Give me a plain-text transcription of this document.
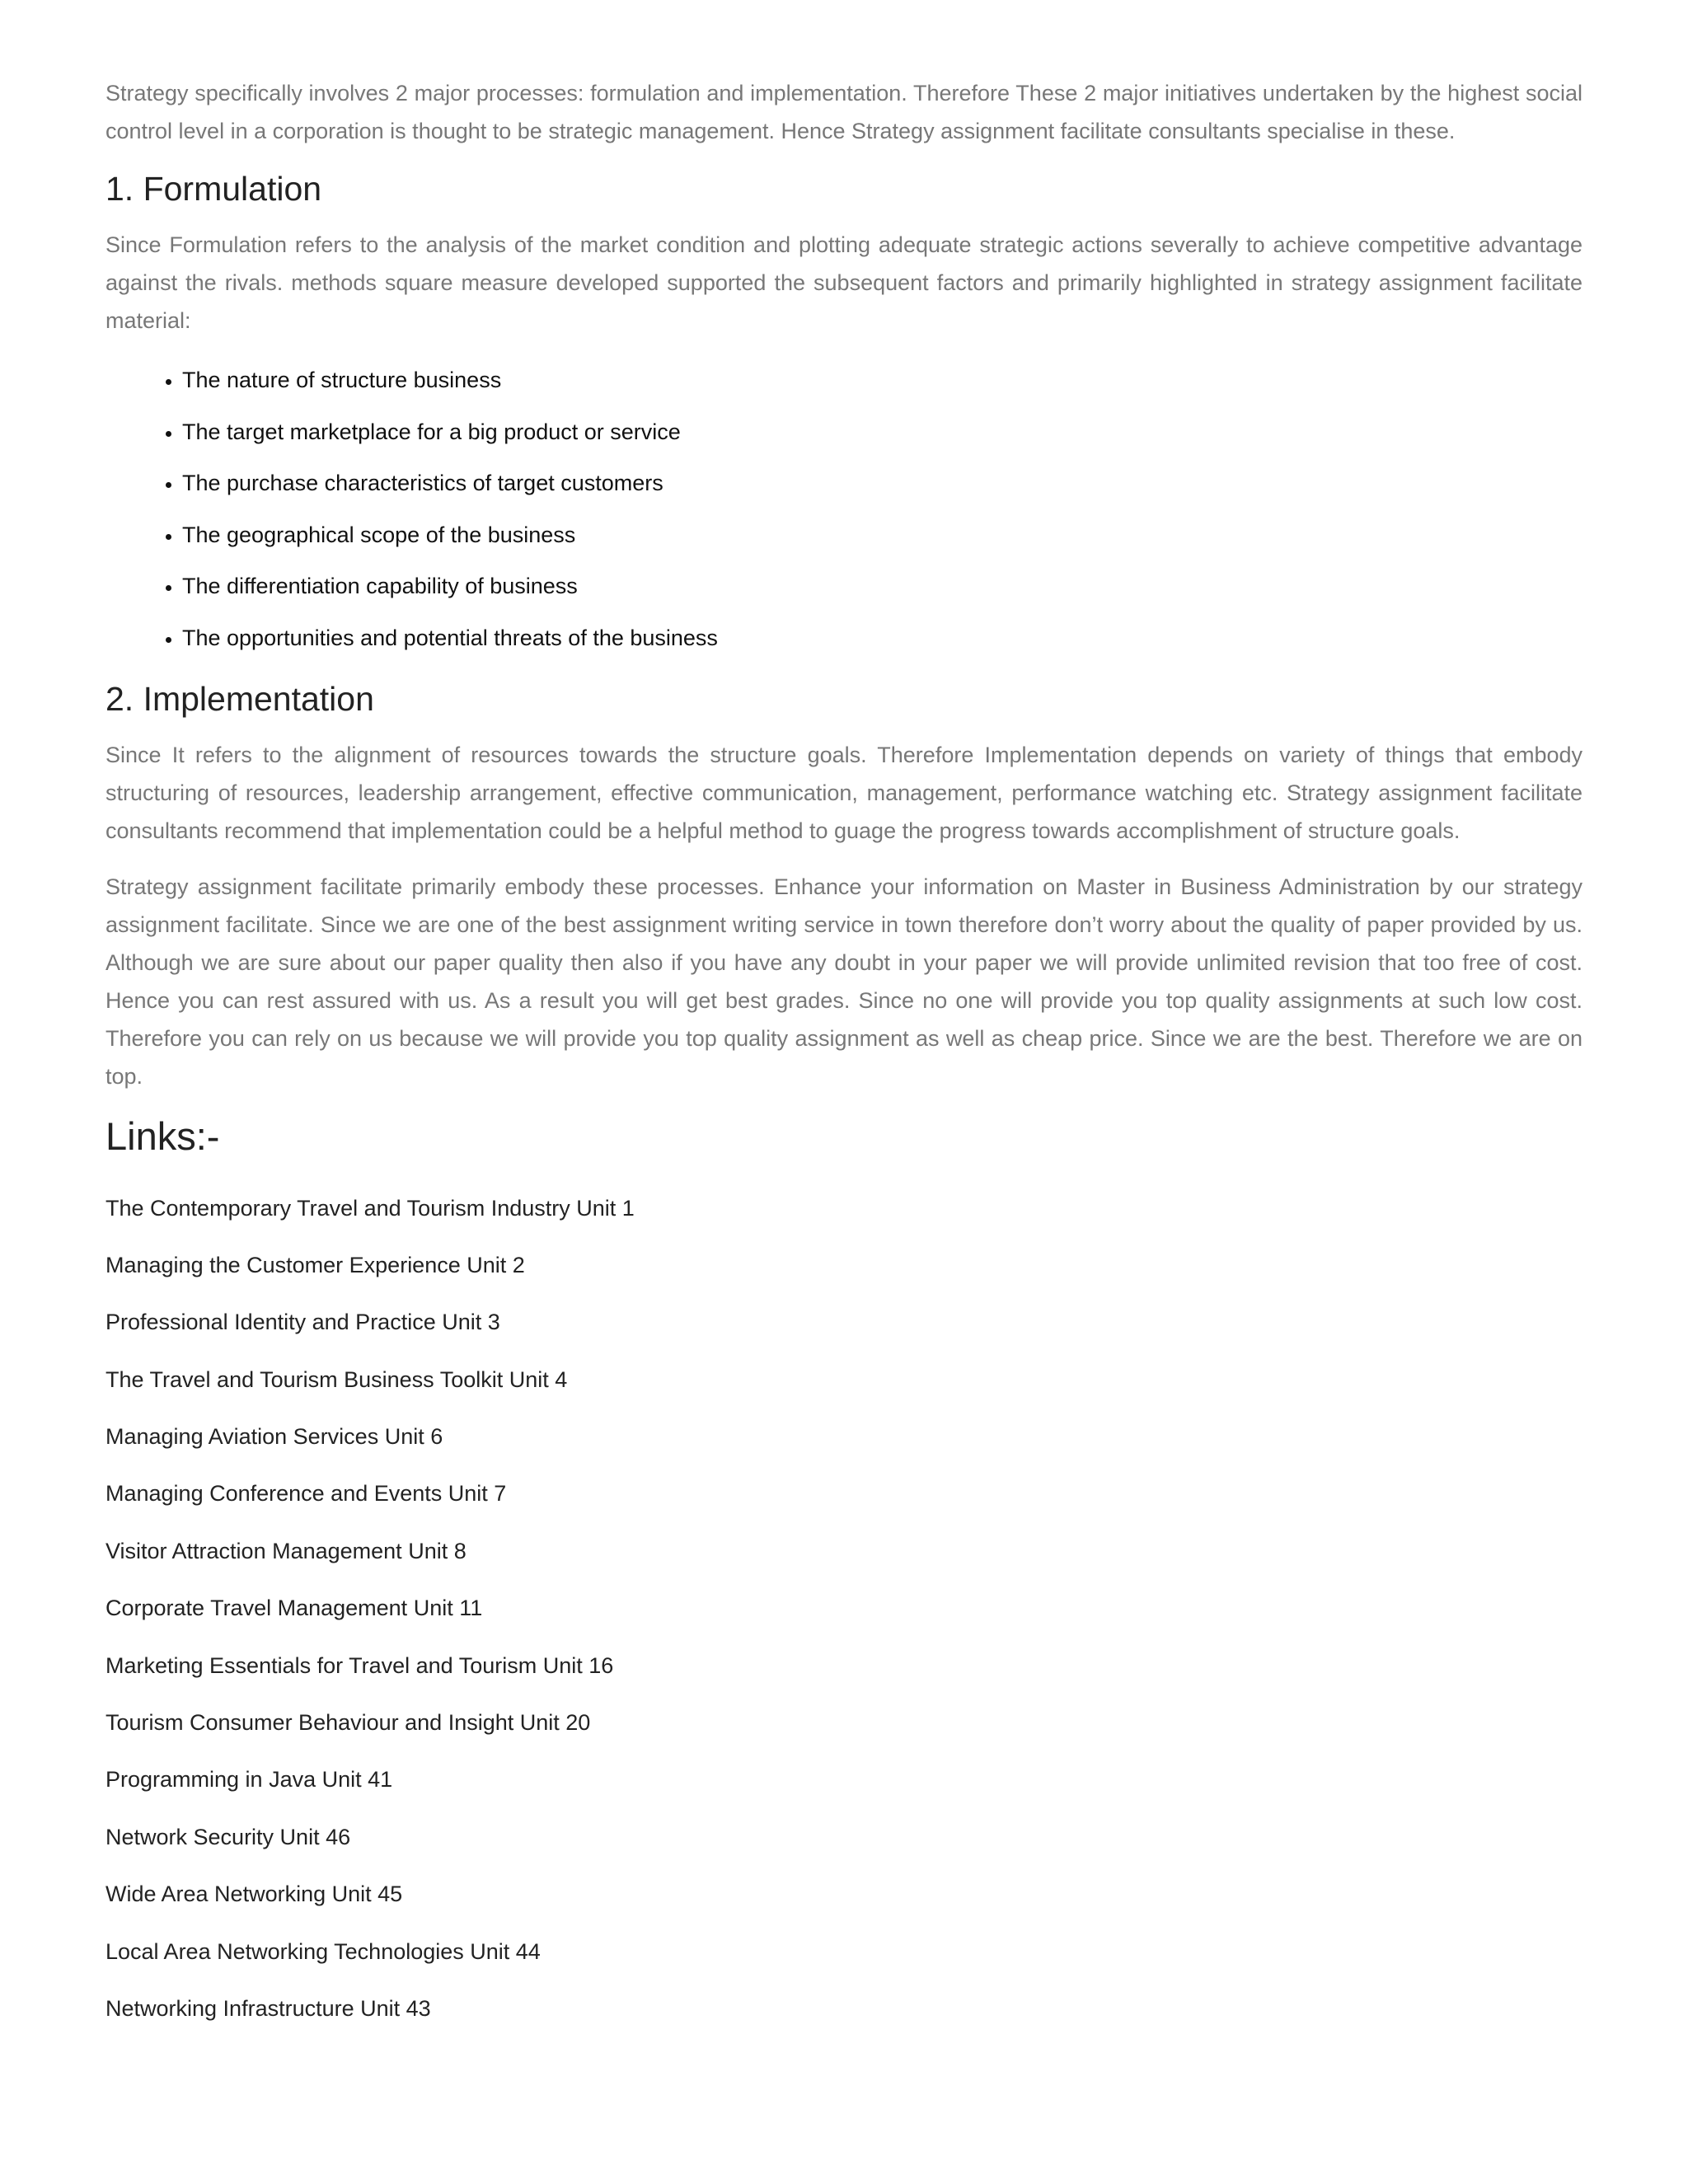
Strategy specifically involves 2 major processes: formulation and implementation. Therefore These 2 major initiatives undertaken by the highest social control level in a corporation is thought to be strategic management. Hence Strategy assignment facilitate consultants specialise in these.

1. Formulation

Since Formulation refers to the analysis of the market condition and plotting adequate strategic actions severally to achieve competitive advantage against the rivals. methods square measure developed supported the subsequent factors and primarily highlighted in strategy assignment facilitate material:

• The nature of structure business
• The target marketplace for a big product or service
• The purchase characteristics of target customers
• The geographical scope of the business
• The differentiation capability of business
• The opportunities and potential threats of the business
2. Implementation

Since It refers to the alignment of resources towards the structure goals. Therefore Implementation depends on variety of things that embody structuring of resources, leadership arrangement, effective communication, management, performance watching etc. Strategy assignment facilitate consultants recommend that implementation could be a helpful method to guage the progress towards accomplishment of structure goals.

Strategy assignment facilitate primarily embody these processes. Enhance your information on Master in Business Administration by our strategy assignment facilitate. Since we are one of the best assignment writing service in town therefore don’t worry about the quality of paper provided by us. Although we are sure about our paper quality then also if you have any doubt in your paper we will provide unlimited revision that too free of cost. Hence you can rest assured with us. As a result you will get best grades. Since no one will provide you top quality assignments at such low cost. Therefore you can rely on us because we will provide you top quality assignment as well as cheap price. Since we are the best. Therefore we are on top.

Links:-
The Contemporary Travel and Tourism Industry Unit 1
Managing the Customer Experience Unit 2
Professional Identity and Practice Unit 3
The Travel and Tourism Business Toolkit Unit 4
Managing Aviation Services Unit 6
Managing Conference and Events Unit 7
Visitor Attraction Management Unit 8
Corporate Travel Management Unit 11
Marketing Essentials for Travel and Tourism Unit 16
Tourism Consumer Behaviour and Insight Unit 20
Programming in Java Unit 41
Network Security Unit 46
Wide Area Networking Unit 45
Local Area Networking Technologies Unit 44
Networking Infrastructure Unit 43
